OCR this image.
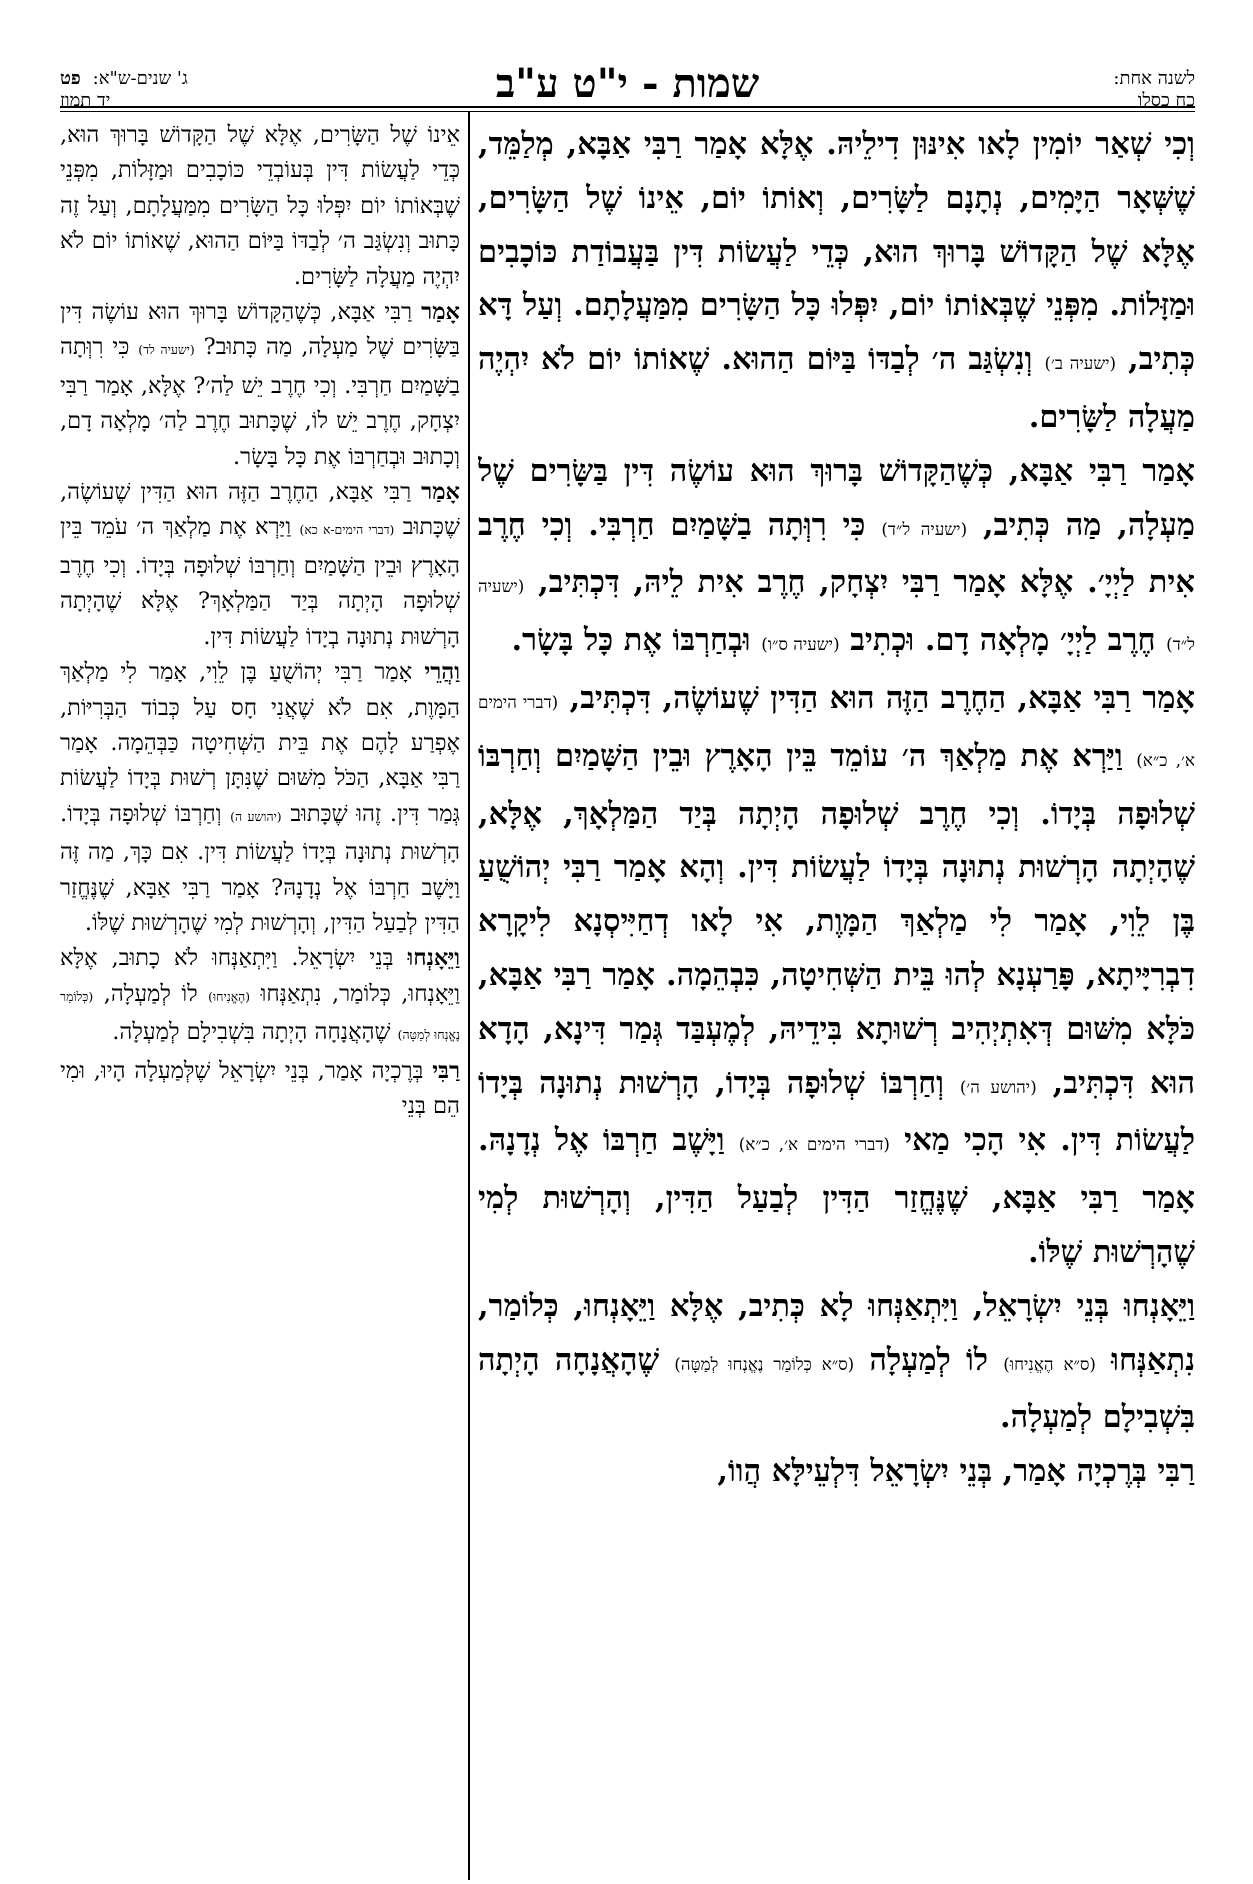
לשנה אחת:
כח כסלו
שמות - י"ט ע"ב
ג' שנים-ש"א:פט
יד תמוז

וְכִי שְׁאַר יוֹמִין לָאו אִינּוּן דִילֵיהּ. אֶלָּא אָמַר רַבִּי אַבָּא, מְלַמֵּד, שֶׁשְּׁאָר הַיָּמִים, נְתָנָם לַשָּׂרִים, וְאוֹתוֹ יוֹם, אֵינוֹ שֶׁל הַשָּׂרִים, אֶלָּא שֶׁל הַקָּדוֹשׁ בָּרוּךְ הוּא, כְּדֵי לַעֲשׂוֹת דִּין בַּעֲבוֹדַת כּוֹכָבִים וּמַזָּלוֹת. מִפְּנֵי שֶׁבְּאוֹתוֹ יוֹם, יִפְּלוּ כָּל הַשָּׂרִים מִמַּעֲלָתָם. וְעַל דָּא כְּתִיב, (ישעיה ב׳) וְנִשְׂגַּב ה׳ לְבַדּוֹ בַּיּוֹם הַהוּא. שֶׁאוֹתוֹ יוֹם לֹא יִהְיֶה מַעֲלָה לַשָּׂרִים.

אָמַר רַבִּי אַבָּא, כְּשֶׁהַקָּדוֹשׁ בָּרוּךְ הוּא עוֹשֶׂה דִּין בַּשָּׂרִים שֶׁל מַעְלָה, מַה כְּתִיב, (ישעיה ל״ד) כִּי רִוְּתָה בַשָּׁמַיִם חַרְבִּי. וְכִי חֶרֶב אִית לַיְיָ׳. אֶלָּא אָמַר רַבִּי יִצְחָק, חֶרֶב אִית לֵיהּ, דִּכְתִּיב, (ישעיה ל״ד) חֶרֶב לַיְיָ׳ מָלְאָה דָם. וּכְתִיב (ישעיה ס״ו) וּבְחַרְבּוֹ אֶת כָּל בָּשָׂר.

אָמַר רַבִּי אַבָּא, הַחֶרֶב הַזֶּה הוּא הַדִּין שֶׁעוֹשֶׂה, דִּכְתִּיב, (דברי הימים א׳, כ״א) וַיַּרְא אֶת מַלְאַךְ ה׳ עוֹמֵד בֵּין הָאָרֶץ וּבֵין הַשָּׁמַיִם וְחַרְבּוֹ שְׁלוּפָה בְּיָדוֹ. וְכִי חֶרֶב שְׁלוּפָה הָיְתָה בְּיַד הַמַּלְאָךְ, אֶלָּא, שֶׁהָיְתָה הָרְשׁוּת נְתוּנָה בְּיָדוֹ לַעֲשׂוֹת דִּין. וְהָא אָמַר רַבִּי יְהוֹשֻׁעַ בֶּן לֵוִי, אָמַר לִי מַלְאַךְ הַמָּוֶת, אִי לָאו דְחַיִּיסְנָא לִיקָרָא דִבְרִיָּיתָא, פָּרַעְנָא לְהוּ בֵּית הַשְּׁחִיטָה, כִּבְהֵמָה. אָמַר רַבִּי אַבָּא, כֹּלָּא מִשּׁוּם דְּאִתְיְהִיב רְשׁוּתָא בִּידֵיהּ, לְמֶעְבַּד גְּמַר דִּינָא, הָדָא הוּא דִּכְתִּיב, (יהושע ה׳) וְחַרְבּוֹ שְׁלוּפָה בְּיָדוֹ, הָרְשׁוּת נְתוּנָה בְּיָדוֹ לַעֲשׂוֹת דִּין. אִי הָכִי מַאי (דברי הימים א׳, כ״א) וַיָּשֶׁב חַרְבּוֹ אֶל נְדָנָהּ. אָמַר רַבִּי אַבָּא, שֶׁנֶּחֱזַר הַדִּין לְבַעַל הַדִּין, וְהָרְשׁוּת לְמִי שֶׁהָרְשׁוּת שֶׁלּוֹ.

וַיֵּאָנְחוּ בְּנֵי יִשְׂרָאֵל, וַיִּתְאַנְּחוּ לָא כְּתִיב, אֶלָּא וַיֵּאָנְחוּ, כְּלוֹמַר, נִתְאַנְּחוּ (ס״א הֶאֱנִיחוּ) לוֹ לְמַעְלָה (ס״א כְּלוֹמַר נֶאֱנְחוּ לְמַטָּה) שֶׁהָאֲנָחָה הָיְתָה בִּשְׁבִילָם לְמַעְלָה.

רַבִּי בְּרֶכְיָה אָמַר, בְּנֵי יִשְׂרָאֵל דִּלְעֵילָּא הֲווֹ,

אֵינוֹ שֶׁל הַשָּׂרִים, אֶלָּא שֶׁל הַקָּדוֹשׁ בָּרוּךְ הוּא, כְּדֵי לַעֲשׂוֹת דִּין בְּעוֹבְדֵי כּוֹכָבִים וּמַזָּלוֹת, מִפְּנֵי שֶׁבְּאוֹתוֹ יוֹם יִפְּלוּ כָּל הַשָּׂרִים מִמַּעֲלָתָם, וְעַל זֶה כָּתוּב וְנִשְׂגַּב ה׳ לְבַדּוֹ בַּיּוֹם הַהוּא, שֶׁאוֹתוֹ יוֹם לֹא יִהְיֶה מַעֲלָה לַשָּׂרִים.

אָמַר רַבִּי אַבָּא, כְּשֶׁהַקָּדוֹשׁ בָּרוּךְ הוּא עוֹשֶׂה דִּין בַּשָּׂרִים שֶׁל מַעְלָה, מַה כָּתוּב? (ישעיה לד) כִּי רִוְּתָה בַשָּׁמַיִם חַרְבִּי. וְכִי חֶרֶב יֵשׁ לַה׳? אֶלָּא, אָמַר רַבִּי יִצְחָק, חֶרֶב יֵשׁ לוֹ, שֶׁכָּתוּב חֶרֶב לַה׳ מָלְאָה דָם, וְכָתוּב וּבְחַרְבּוֹ אֶת כָּל בָּשָׂר.

אָמַר רַבִּי אַבָּא, הַחֶרֶב הַזֶּה הוּא הַדִּין שֶׁעוֹשֶׂה, שֶׁכָּתוּב (דברי הימים-א כא) וַיַּרְא אֶת מַלְאַךְ ה׳ עֹמֵד בֵּין הָאָרֶץ וּבֵין הַשָּׁמַיִם וְחַרְבּוֹ שְׁלוּפָה בְּיָדוֹ. וְכִי חֶרֶב שְׁלוּפָה הָיְתָה בְּיַד הַמַּלְאָךְ? אֶלָּא שֶׁהָיְתָה הָרְשׁוּת נְתוּנָה בְיָדוֹ לַעֲשׂוֹת דִּין.

וַהֲרֵי אָמַר רַבִּי יְהוֹשֻׁעַ בֶּן לֵוִי, אָמַר לִי מַלְאַךְ הַמָּוֶת, אִם לֹא שֶׁאֲנִי חָס עַל כְּבוֹד הַבְּרִיּוֹת, אֶפְרַע לָהֶם אֶת בֵּית הַשְּׁחִיטָה כַּבְּהֵמָה. אָמַר רַבִּי אַבָּא, הַכֹּל מִשּׁוּם שֶׁנִּתָּן רְשׁוּת בְּיָדוֹ לַעֲשׂוֹת גְּמַר דִּין. זֶהוּ שֶׁכָּתוּב (יהושע ה) וְחַרְבּוֹ שְׁלוּפָה בְּיָדוֹ. הָרְשׁוּת נְתוּנָה בְּיָדוֹ לַעֲשׂוֹת דִּין. אִם כָּךְ, מַה זֶּה וַיָּשֶׁב חַרְבּוֹ אֶל נְדָנָהּ? אָמַר רַבִּי אַבָּא, שֶׁנֶּחֱזַר הַדִּין לְבַעַל הַדִּין, וְהָרְשׁוּת לְמִי שֶׁהָרְשׁוּת שֶׁלּוֹ.

וַיֵּאָנְחוּ בְּנֵי יִשְׂרָאֵל. וַיִּתְאַנְּחוּ לֹא כָתוּב, אֶלָּא וַיֵּאָנְחוּ, כְּלוֹמַר, נִתְאַנְּחוּ (הֶאֱנִיחוּ) לוֹ לְמַעְלָה, (כְּלוֹמַר נֶאֱנְחוּ לְמַטָּה) שֶׁהָאֲנָחָה הָיְתָה בִּשְׁבִילָם לְמַעְלָה.

רַבִּי בְּרֶכְיָה אָמַר, בְּנֵי יִשְׂרָאֵל שֶׁלְּמַעְלָה הָיוּ, וּמִי הֵם בְּנֵי
